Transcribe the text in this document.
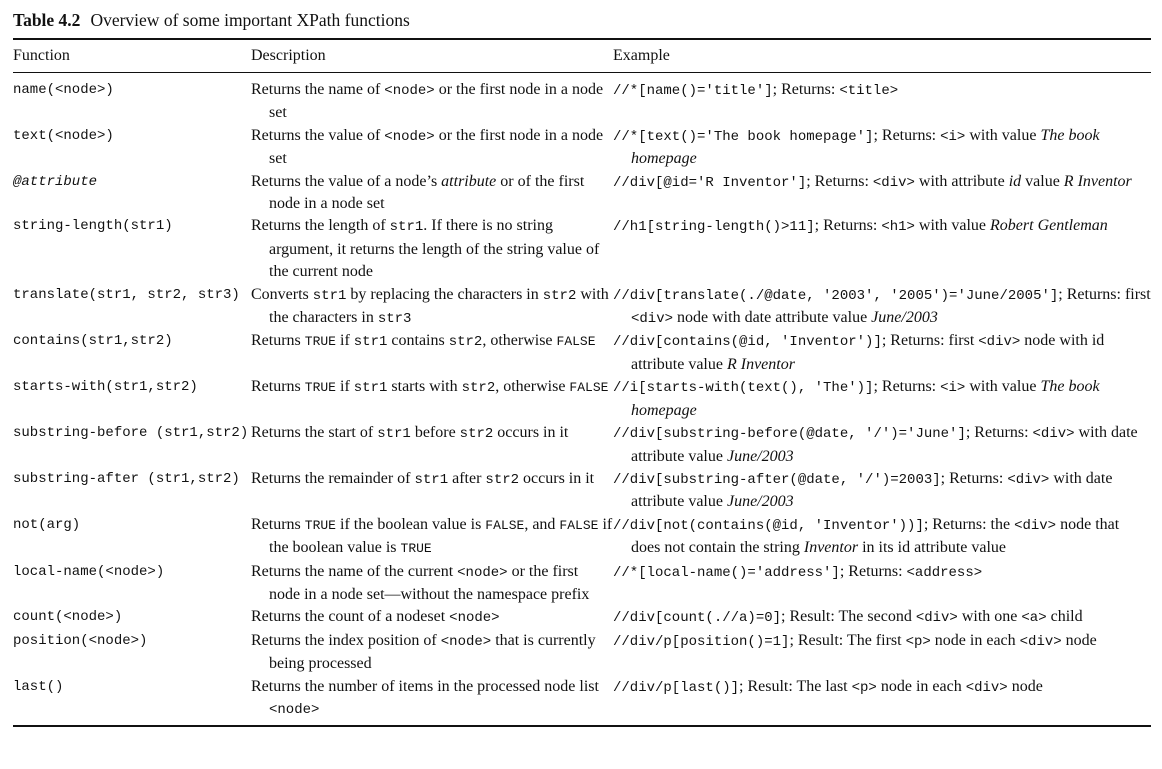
Table 4.2 Overview of some important XPath functions
Function	Description	Example

name(<node>)	Returns the name of <node> or the first node in a node set	//*[name()='title']; Returns: <title>

text(<node>)	Returns the value of <node> or the first node in a node set	//*[text()='The book homepage']; Returns: <i> with value The book homepage

@attribute	Returns the value of a node’s attribute or of the first node in a node set	//div[@id='R Inventor']; Returns: <div> with attribute id value R Inventor

string-length(str1)	Returns the length of str1. If there is no string argument, it returns the length of the string value of the current node	//h1[string-length()>11]; Returns: <h1> with value Robert Gentleman

translate(str1, str2, str3)	Converts str1 by replacing the characters in str2 with the characters in str3	//div[translate(./@date, '2003', '2005')='June/2005']; Returns: first <div> node with date attribute value June/2003

contains(str1,str2)	Returns TRUE if str1 contains str2, otherwise FALSE	//div[contains(@id, 'Inventor')]; Returns: first <div> node with id attribute value R Inventor

starts-with(str1,str2)	Returns TRUE if str1 starts with str2, otherwise FALSE	//i[starts-with(text(), 'The')]; Returns: <i> with value The book homepage

substring-before (str1,str2)	Returns the start of str1 before str2 occurs in it	//div[substring-before(@date, '/')='June']; Returns: <div> with date attribute value June/2003

substring-after (str1,str2)	Returns the remainder of str1 after str2 occurs in it	//div[substring-after(@date, '/')=2003]; Returns: <div> with date attribute value June/2003

not(arg)	Returns TRUE if the boolean value is FALSE, and FALSE if the boolean value is TRUE	//div[not(contains(@id, 'Inventor'))]; Returns: the <div> node that does not contain the string Inventor in its id attribute value

local-name(<node>)	Returns the name of the current <node> or the first node in a node set—without the namespace prefix	//*[local-name()='address']; Returns: <address>

count(<node>)	Returns the count of a nodeset <node>	//div[count(.//a)=0]; Result: The second <div> with one <a> child

position(<node>)	Returns the index position of <node> that is currently being processed	//div/p[position()=1]; Result: The first <p> node in each <div> node

last()	Returns the number of items in the processed node list <node>	//div/p[last()]; Result: The last <p> node in each <div> node
